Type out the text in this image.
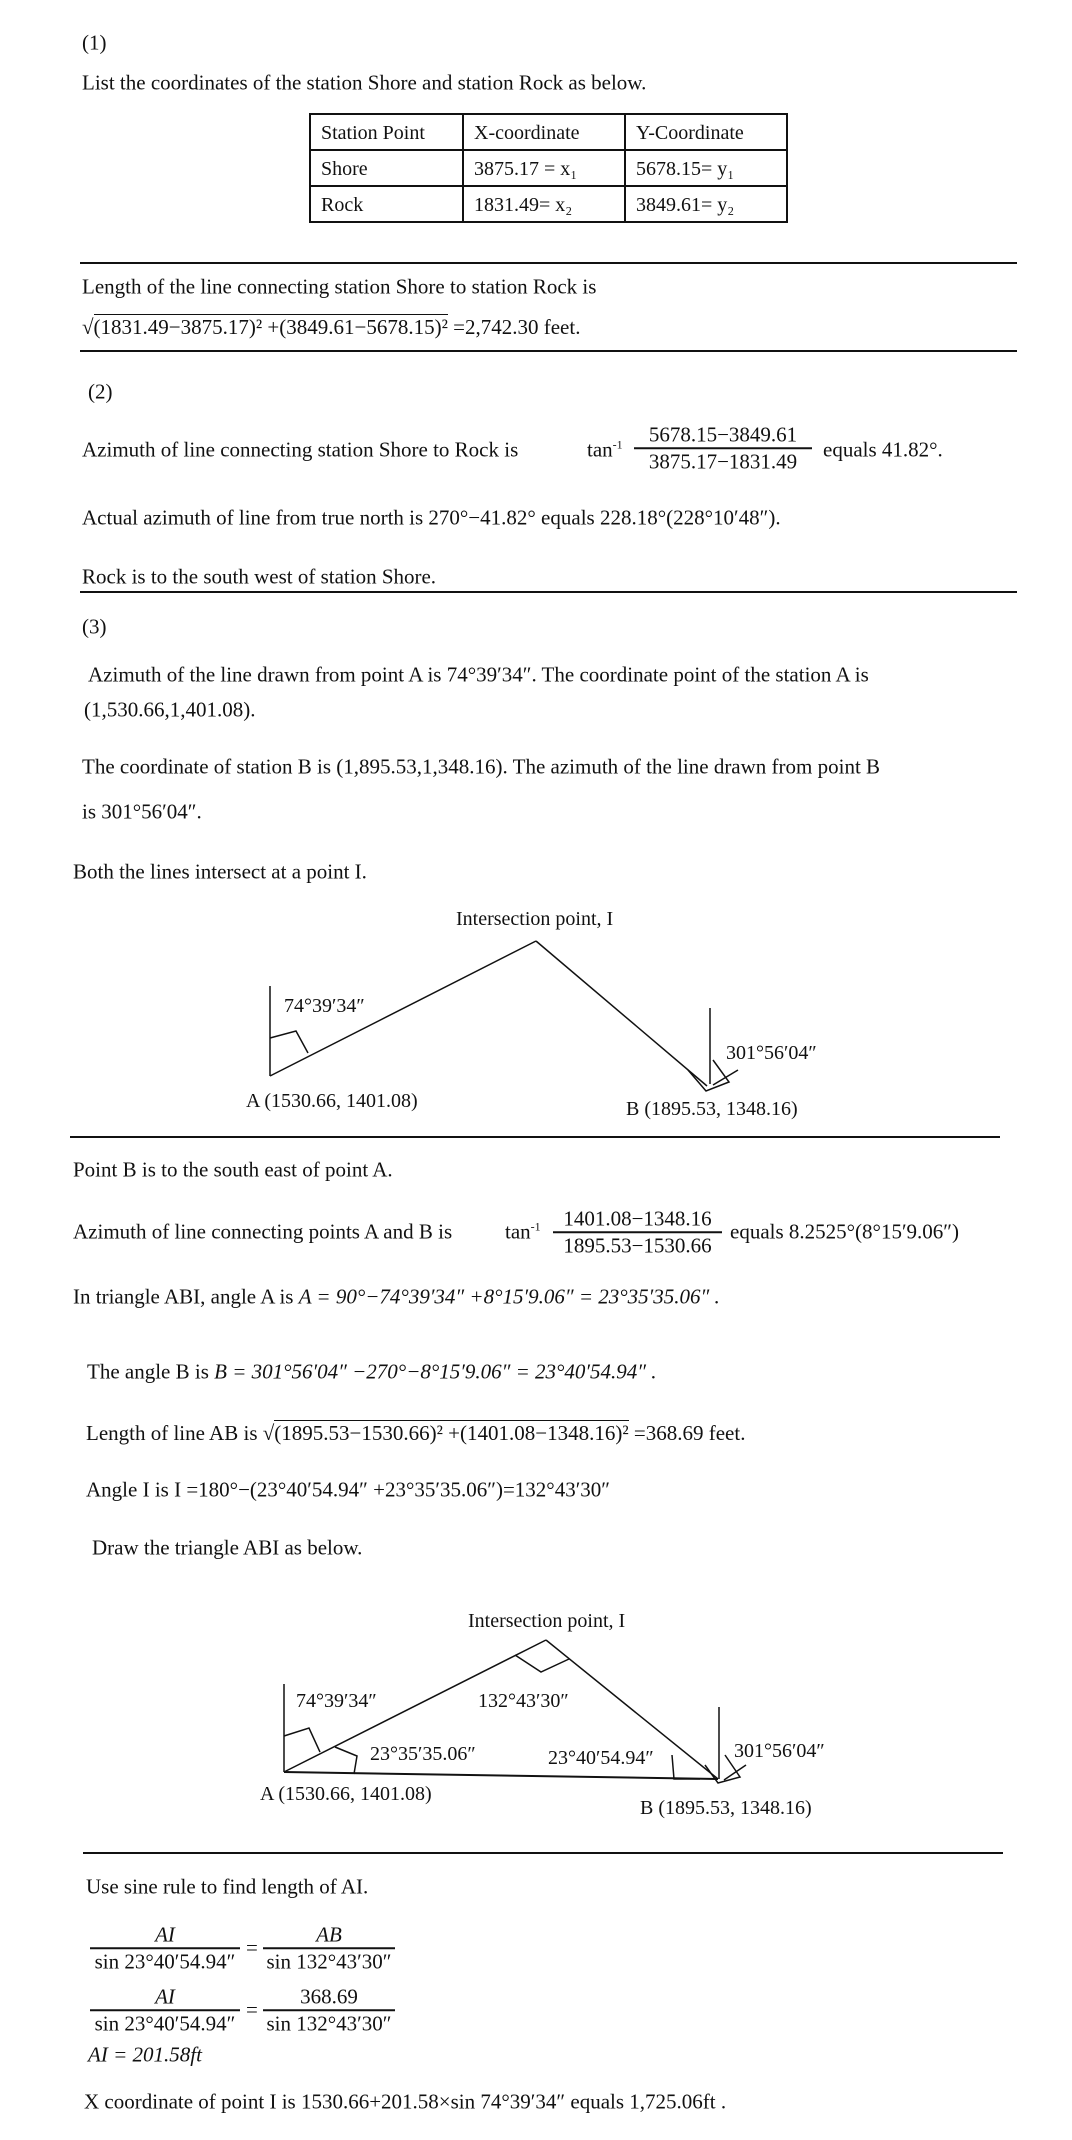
(1)
List the coordinates of the station Shore and station Rock as below.
Station Point	X-coordinate	Y-Coordinate
Shore	3875.17 = x₁	5678.15= y₁
Rock	1831.49= x₂	3849.61= y₂
Length of the line connecting station Shore to station Rock is
√(1831.49−3875.17)² +(3849.61−5678.15)² =2,742.30 feet.
(2)
Azimuth of line connecting station Shore to Rock is	$\tan^{-1} 5678.15-3849.61$
3875.17−1831.49 equals 41.82°.
Actual azimuth of line from true north is 270°−41.82° equals 228.18°(228°10′48″).
Rock is to the south west of station Shore.
(3)
Azimuth of the line drawn from point A is 74°39′34″. The coordinate point of the station A is
(1,530.66,1,401.08).
The coordinate of station B is (1,895.53,1,348.16). The azimuth of the line drawn from point B
is 301°56′04″.
Both the lines intersect at a point I.
Intersection point, I
74°39′34″
301°56′04″
A (1530.66, 1401.08)	B (1895.53, 1348.16)
Point B is to the south east of point A.
Azimuth of line connecting points A and B is	$\tan^{-1} 1401.08-1348.16$
1895.53−1530.66
equals 8.2525°(8°15′9.06″)
In triangle ABI, angle A is A = 90°−74°39′34″ +8°15′9.06″ = 23°35′35.06″ .
The angle B is B = 301°56′04″ −270°−8°15′9.06″ = 23°40′54.94″ .
Length of line AB is √(1895.53−1530.66)² +(1401.08−1348.16)² =368.69 feet.
Angle I is I =180°−(23°40′54.94″ +23°35′35.06″)=132°43′30″
Draw the triangle ABI as below.
Intersection point, I
74°39′34″	132°43′30″
23°35′35.06″	23°40′54.94″	301°56′04″
A (1530.66, 1401.08)
B (1895.53, 1348.16)
Use sine rule to find length of AI.
AI
sin 23°40′54.94″
=
AB
sin 132°43′30″
AI
sin 23°40′54.94″
=
368.69
sin 132°43′30″
AI = 201.58ft
X coordinate of point I is 1530.66+201.58×sin 74°39′34″ equals 1,725.06ft .
